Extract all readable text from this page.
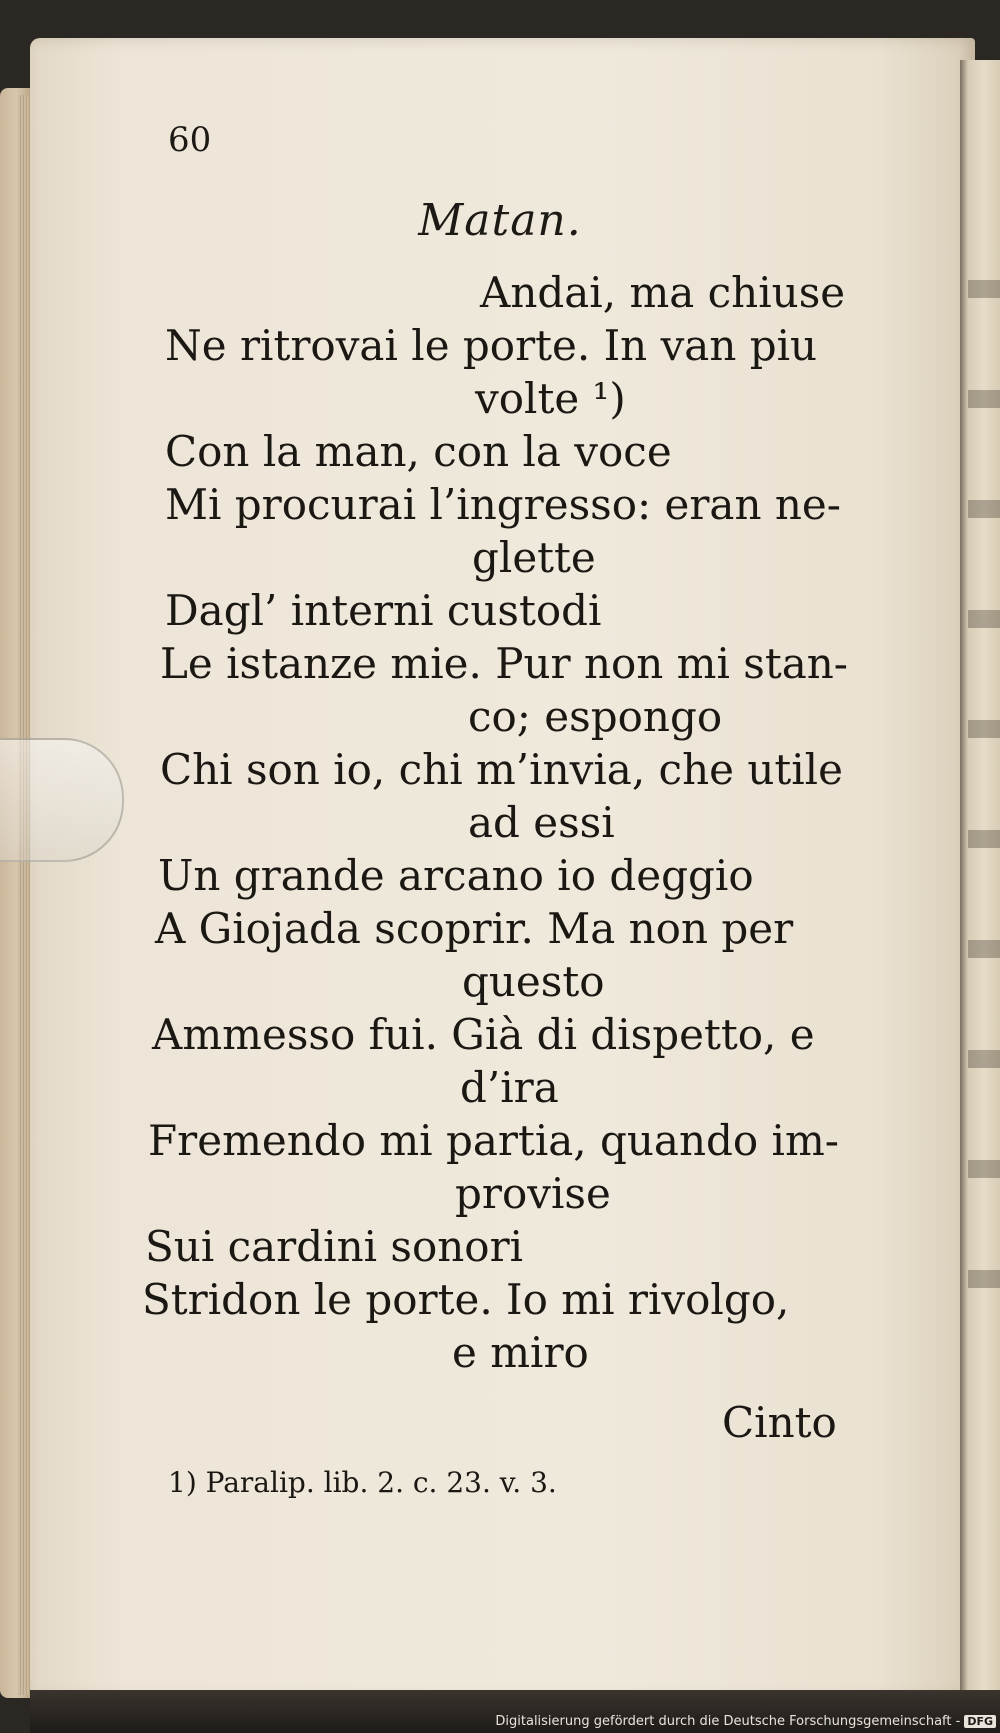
60
Matan.
Andai, ma chiuse
Ne ritrovai le porte. In van piu
volte ¹)
Con la man, con la voce
Mi procurai l’ingresso: eran ne-
glette
Dagl’ interni custodi
Le istanze mie. Pur non mi stan-
co; espongo
Chi son io, chi m’invia, che utile
ad essi
Un grande arcano io deggio
A Giojada scoprir. Ma non per
questo
Ammesso fui. Già di dispetto, e
d’ira
Fremendo mi partia, quando im-
provise
Sui cardini sonori
Stridon le porte. Io mi rivolgo,
e miro
Cinto
1) Paralip. lib. 2. c. 23. v. 3.
Digitalisierung gefördert durch die Deutsche Forschungsgemeinschaft - DFG
